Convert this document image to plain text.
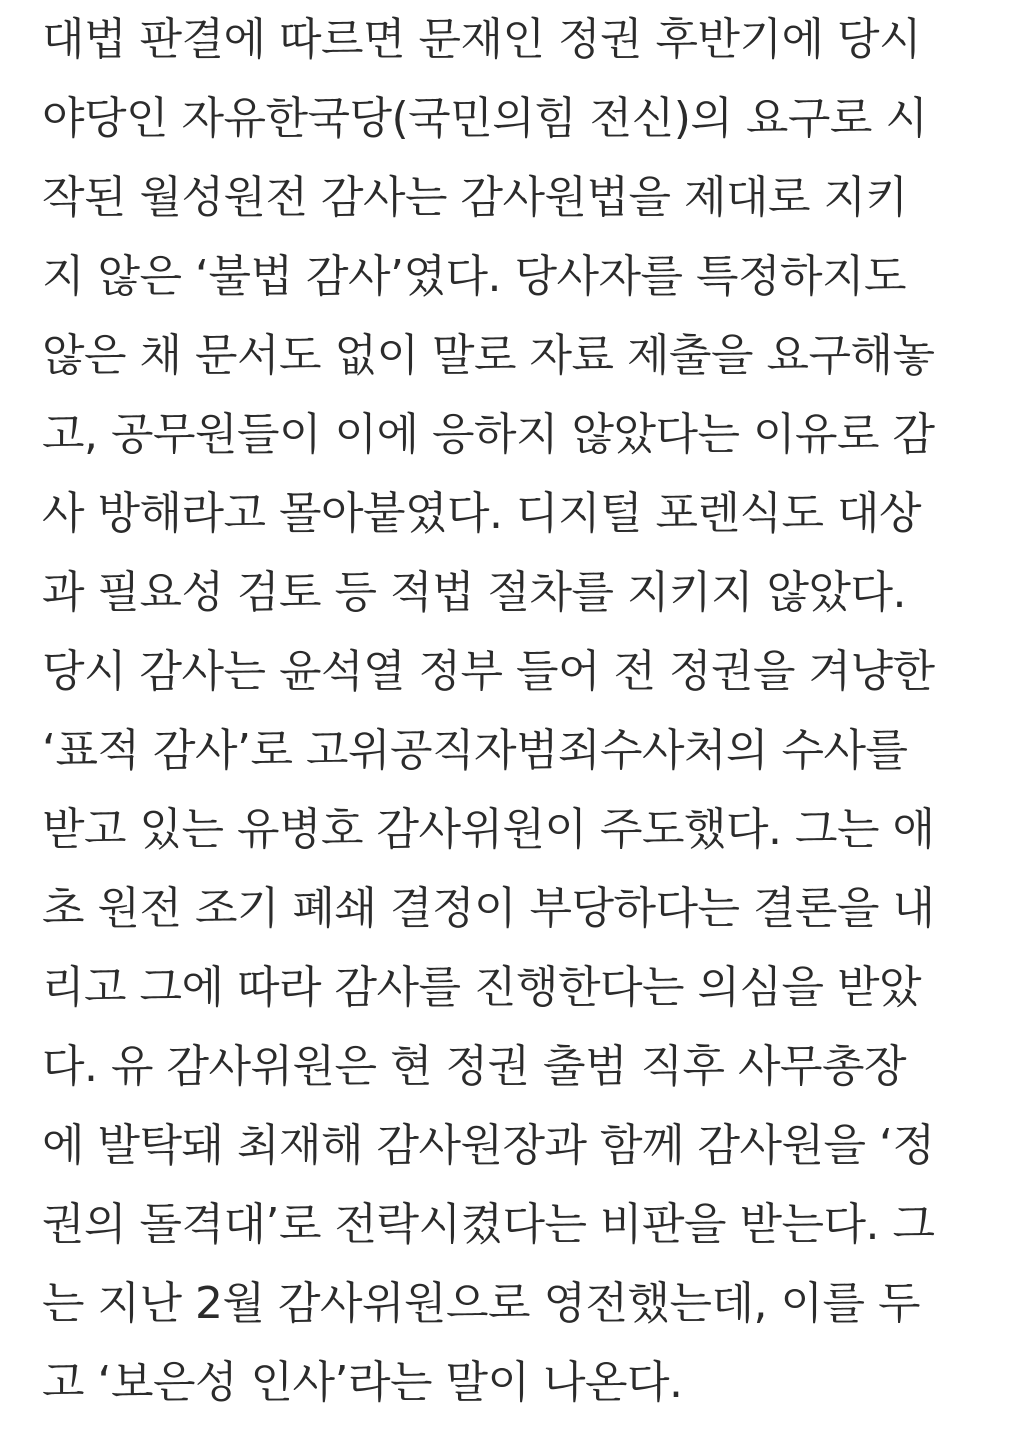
대법 판결에 따르면 문재인 정권 후반기에 당시
야당인 자유한국당(국민의힘 전신)의 요구로 시
작된 월성원전 감사는 감사원법을 제대로 지키
지 않은 ‘불법 감사’였다. 당사자를 특정하지도
않은 채 문서도 없이 말로 자료 제출을 요구해놓
고, 공무원들이 이에 응하지 않았다는 이유로 감
사 방해라고 몰아붙였다. 디지털 포렌식도 대상
과 필요성 검토 등 적법 절차를 지키지 않았다.
당시 감사는 윤석열 정부 들어 전 정권을 겨냥한
‘표적 감사’로 고위공직자범죄수사처의 수사를
받고 있는 유병호 감사위원이 주도했다. 그는 애
초 원전 조기 폐쇄 결정이 부당하다는 결론을 내
리고 그에 따라 감사를 진행한다는 의심을 받았
다. 유 감사위원은 현 정권 출범 직후 사무총장
에 발탁돼 최재해 감사원장과 함께 감사원을 ‘정
권의 돌격대’로 전락시켰다는 비판을 받는다. 그
는 지난 2월 감사위원으로 영전했는데, 이를 두
고 ‘보은성 인사’라는 말이 나온다.
